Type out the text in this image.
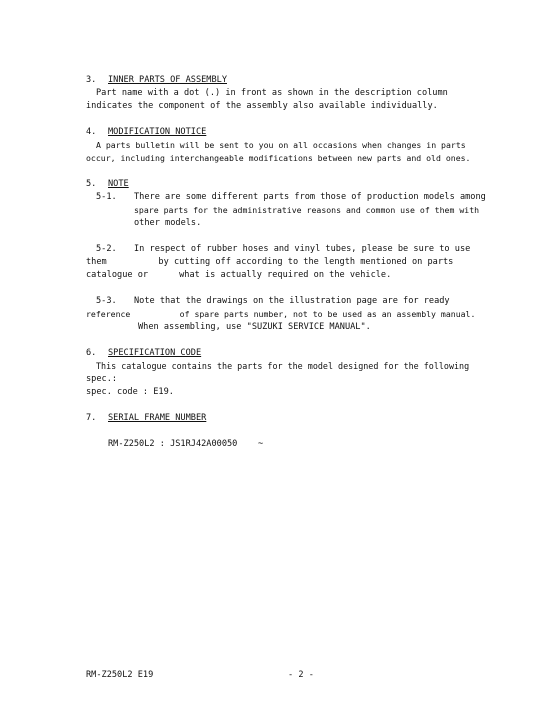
3. INNER PARTS OF ASSEMBLY
Part name with a dot (.) in front as shown in the description column
indicates the component of the assembly also available individually.
4. MODIFICATION NOTICE
A parts bulletin will be sent to you on all occasions when changes in parts
occur, including interchangeable modifications between new parts and old ones.
5. NOTE
5-1. There are some different parts from those of production models among
spare parts for the administrative reasons and common use of them with
other models.
5-2. In respect of rubber hoses and vinyl tubes, please be sure to use
them          by cutting off according to the length mentioned on parts
catalogue or      what is actually required on the vehicle.
5-3. Note that the drawings on the illustration page are for ready
reference          of spare parts number, not to be used as an assembly manual.
When assembling, use "SUZUKI SERVICE MANUAL".
6. SPECIFICATION CODE
This catalogue contains the parts for the model designed for the following
spec.:
spec. code : E19.
7. SERIAL FRAME NUMBER
RM-Z250L2 : JS1RJ42A00050    ~
RM-Z250L2 E19	- 2 -
